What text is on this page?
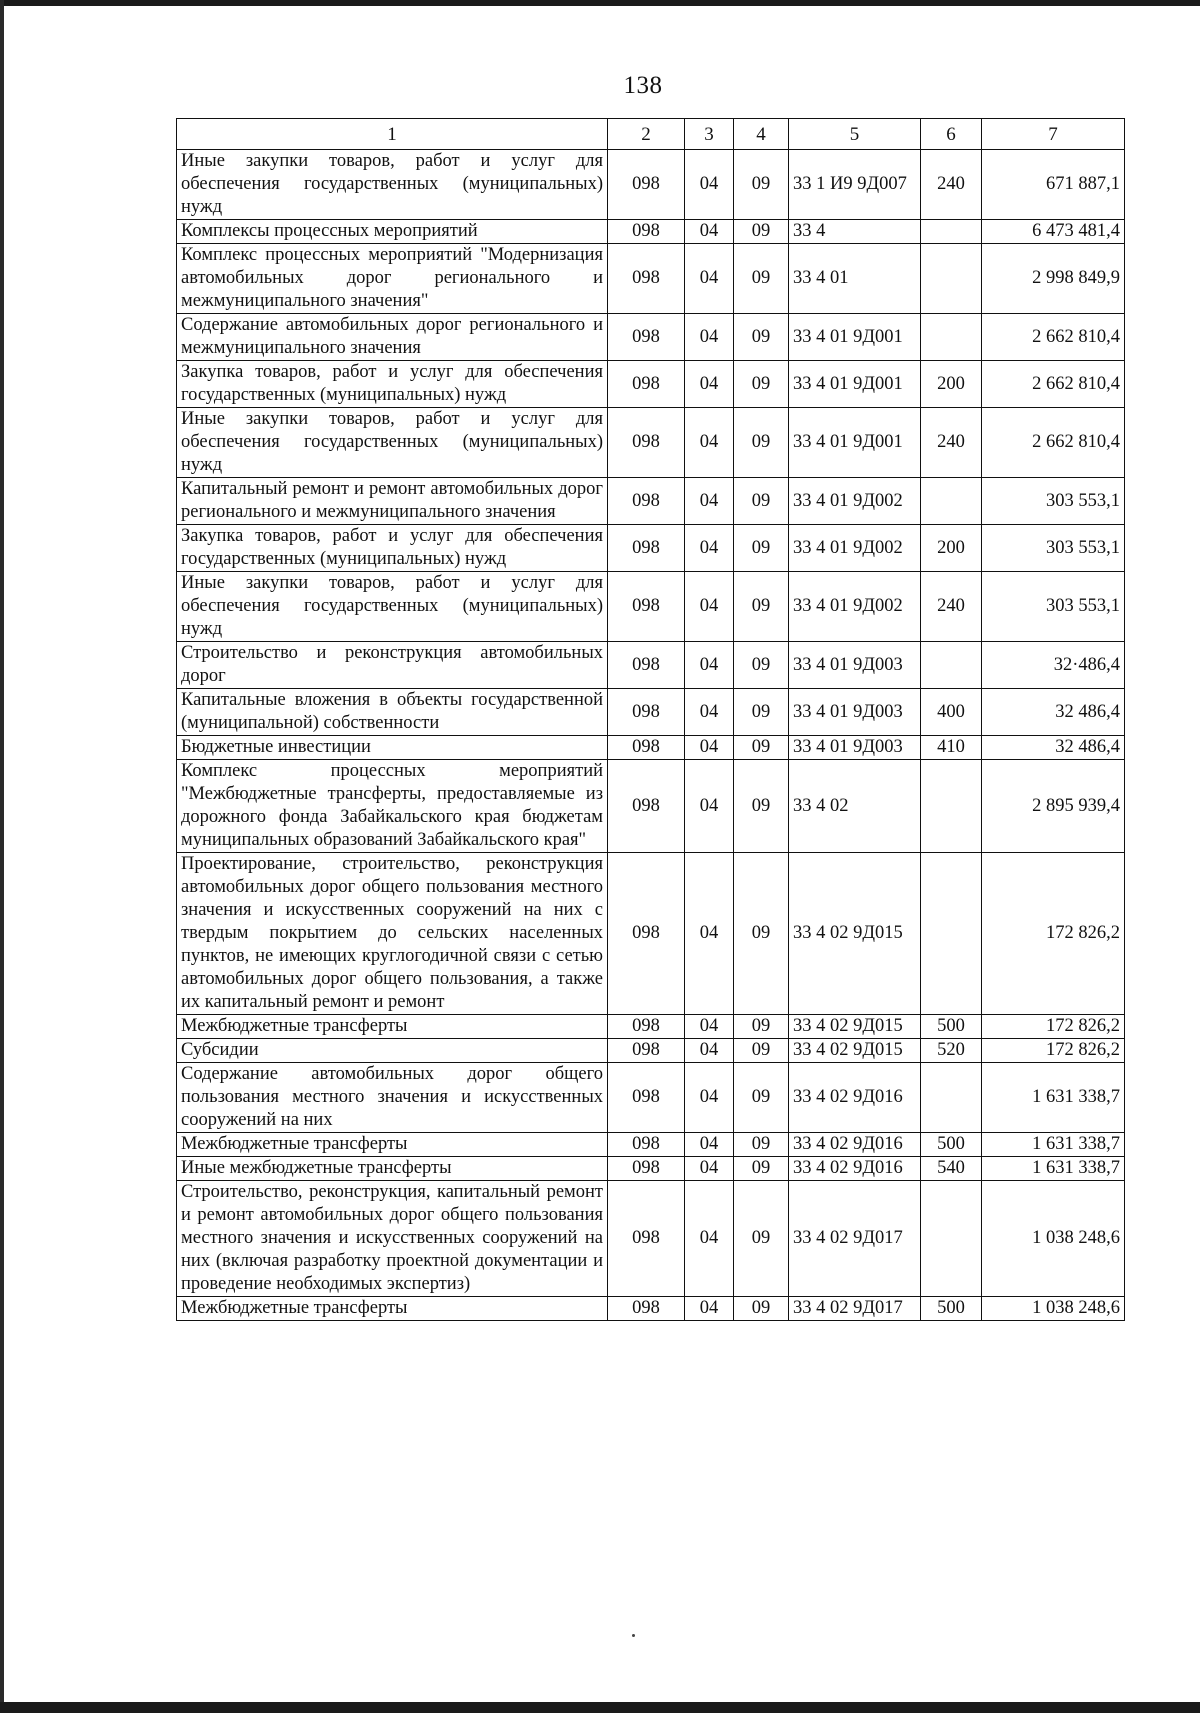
138
1	2	3	4	5	6	7
Иные закупки товаров, работ и услуг для обеспечения государственных (муниципальных) нужд	098	04	09	33 1 И9 9Д007	240	671 887,1
Комплексы процессных мероприятий	098	04	09	33 4		6 473 481,4
Комплекс процессных мероприятий "Модернизация автомобильных дорог регионального и межмуниципального значения"	098	04	09	33 4 01		2 998 849,9
Содержание автомобильных дорог регионального и межмуниципального значения	098	04	09	33 4 01 9Д001		2 662 810,4
Закупка товаров, работ и услуг для обеспечения государственных (муниципальных) нужд	098	04	09	33 4 01 9Д001	200	2 662 810,4
Иные закупки товаров, работ и услуг для обеспечения государственных (муниципальных) нужд	098	04	09	33 4 01 9Д001	240	2 662 810,4
Капитальный ремонт и ремонт автомобильных дорог регионального и межмуниципального значения	098	04	09	33 4 01 9Д002		303 553,1
Закупка товаров, работ и услуг для обеспечения государственных (муниципальных) нужд	098	04	09	33 4 01 9Д002	200	303 553,1
Иные закупки товаров, работ и услуг для обеспечения государственных (муниципальных) нужд	098	04	09	33 4 01 9Д002	240	303 553,1
Строительство и реконструкция автомобильных дорог	098	04	09	33 4 01 9Д003		32·486,4
Капитальные вложения в объекты государственной (муниципальной) собственности	098	04	09	33 4 01 9Д003	400	32 486,4
Бюджетные инвестиции	098	04	09	33 4 01 9Д003	410	32 486,4
Комплекс процессных мероприятий "Межбюджетные трансферты, предоставляемые из дорожного фонда Забайкальского края бюджетам муниципальных образований Забайкальского края"	098	04	09	33 4 02		2 895 939,4
Проектирование, строительство, реконструкция автомобильных дорог общего пользования местного значения и искусственных сооружений на них с твердым покрытием до сельских населенных пунктов, не имеющих круглогодичной связи с сетью автомобильных дорог общего пользования, а также их капитальный ремонт и ремонт	098	04	09	33 4 02 9Д015		172 826,2
Межбюджетные трансферты	098	04	09	33 4 02 9Д015	500	172 826,2
Субсидии	098	04	09	33 4 02 9Д015	520	172 826,2
Содержание автомобильных дорог общего пользования местного значения и искусственных сооружений на них	098	04	09	33 4 02 9Д016		1 631 338,7
Межбюджетные трансферты	098	04	09	33 4 02 9Д016	500	1 631 338,7
Иные межбюджетные трансферты	098	04	09	33 4 02 9Д016	540	1 631 338,7
Строительство, реконструкция, капитальный ремонт и ремонт автомобильных дорог общего пользования местного значения и искусственных сооружений на них (включая разработку проектной документации и проведение необходимых экспертиз)	098	04	09	33 4 02 9Д017		1 038 248,6
Межбюджетные трансферты	098	04	09	33 4 02 9Д017	500	1 038 248,6
